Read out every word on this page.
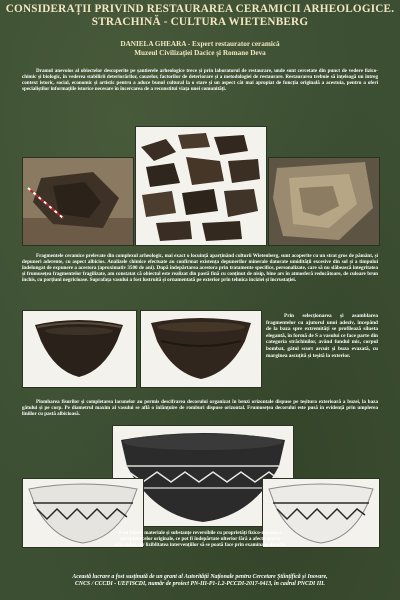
CONSIDERAȚII PRIVIND RESTAURAREA CERAMICII ARHEOLOGICE.
STRACHINĂ - CULTURA WIETENBERG
DANIELA GHEARA - Expert restaurator ceramică
Muzeul Civilizației Dacice și Romane Deva
Dramul anevoios al obiectelor descoperite pe șantierele arheologice trece și prin laboratorul de restaurare, unde sunt cercetate din punct de vedere fizico-chimic și biologic, în vederea stabilirii deteriorărilor, cauzelor, factorilor de deteriorare și a metodologiei de restaurare. Restaurarea trebuie să înțeleagă un întreg context istoric, social, economic și artistic pentru a aduce bunul cultural la o stare și un aspect cât mai apropiat de funcția originală a acestuia, pentru a oferi specialiștilor informațiile istorice necesare în încercarea de a reconstitui viața unei comunități.
Fragmentele ceramice prelevate din complexul arheologic, mai exact o locuință aparținând culturii Wietenberg, sunt acoperite cu un strat gros de pământ, și depuneri aderente, cu aspect albicios. Analizele chimice efectuate au confirmat existența depunerilor minerale datorate umidității excesive din sol și a timpului îndelungat de expunere a acestora (aproximativ 3500 de ani). După îndepărtarea acestora prin tratamente specifice, personalizate, care să nu slăbească integritatea și frumusețea fragmentelor fragilizate, am constatat că obiectul este realizat din pastă fină cu conținut de nisip, bine ars în atmosferă reducătoare, de culoare brun închis, cu porțiuni negricioase. Suprafața vasului a fost lustruită și ornamentată pe exterior prin tehnica inciziei și incrustației.
Prin selecționarea și asamblarea fragmentelor cu ajutorul unui adeziv, începând de la baza spre extremități se profilează silueta elegantă, în formă de S a vasului ce face parte din categoria străchinilor, având fundul mic, corpul bombat, gâtul scurt arcuit și buza evazată, cu marginea ascuțită și teșită la exterior.
Plombarea fisurilor și completarea lacunelor au permis descifrarea decorului organizat în benzi orizontale dispuse pe teșitura exterioară a buzei, la baza gâtului și pe corp. Pe diametrul maxim al vasului se află o înlănțuire de romburi dispuse orizontal. Frumusețea decorului este pusă în evidență prin umplerea liniilor cu pastă albicioasă.
S-au folosit materiale și substanțe reversibile cu proprietăți fizico-mecanice apropiate celor originale, ce pot fi îndepărtate ulterior fără a afecta starea obiectului, iar liziblitatea intervențiilor să se poată face prin examinare directă.
Această lucrare a fost susținută de un grant al Autorității Naționale pentru Cercetare Științifică și Inovare,
CNCS / CCCDI - UEFISCDI, număr de proiect PN-III-P1-1.2-PCCDI-2017-0413, în cadrul PNCDI III.
